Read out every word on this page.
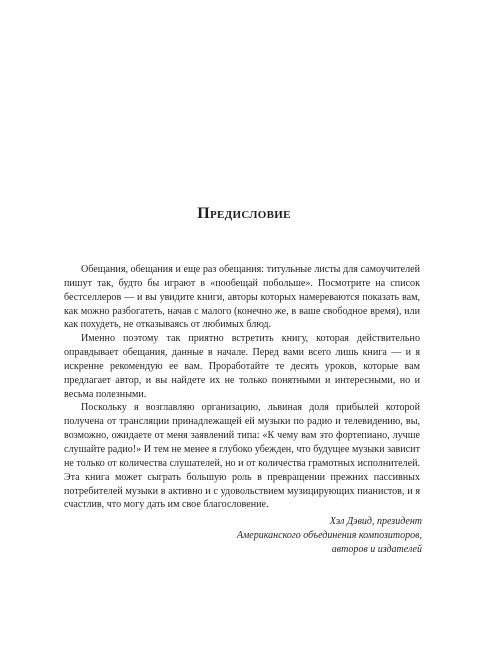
Предисловие

Обещания, обещания и еще раз обещания: титульные листы для самоучителей пишут так, будто бы играют в «пообещай побольше». Посмотрите на список бестселлеров — и вы увидите книги, авторы которых намереваются показать вам, как можно разбогатеть, начав с малого (конечно же, в ваше свободное время), или как похудеть, не отказываясь от любимых блюд.

Именно поэтому так приятно встретить книгу, которая действительно оправдывает обещания, данные в начале. Перед вами всего лишь книга — и я искренне рекомендую ее вам. Проработайте те десять уроков, которые вам предлагает автор, и вы найдете их не только понятными и интересными, но и весьма полезными.

Поскольку я возглавляю организацию, львиная доля прибылей которой получена от трансляции принадлежащей ей музыки по радио и телевидению, вы, возможно, ожидаете от меня заявлений типа: «К чему вам это фортепиано, лучше слушайте радио!» И тем не менее я глубоко убежден, что будущее музыки зависит не только от количества слушателей, но и от количества грамотных исполнителей. Эта книга может сыграть большую роль в превращении прежних пассивных потребителей музыки в активно и с удовольствием музицирующих пианистов, и я счастлив, что могу дать им свое благословение.

Хэл Дэвид, президент
Американского объединения композиторов,
авторов и издателей
